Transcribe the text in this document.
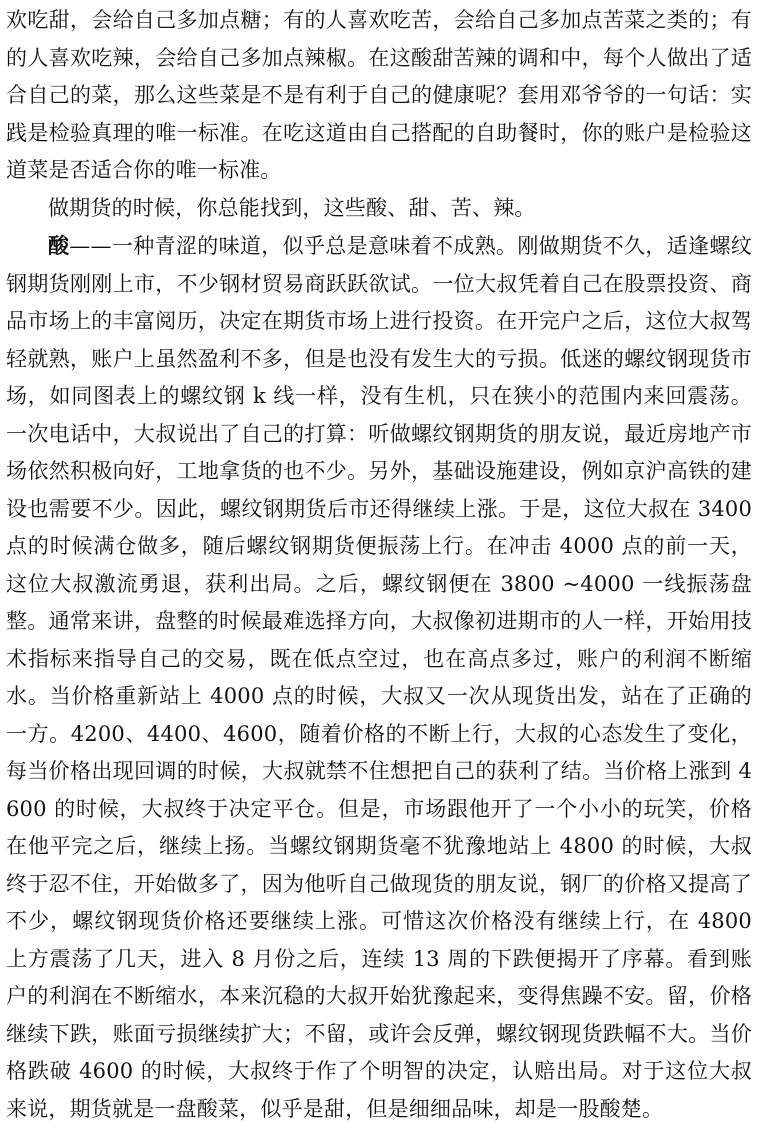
欢吃甜，会给自己多加点糖；有的人喜欢吃苦，会给自己多加点苦菜之类的；有的人喜欢吃辣，会给自己多加点辣椒。在这酸甜苦辣的调和中，每个人做出了适合自己的菜，那么这些菜是不是有利于自己的健康呢？套用邓爷爷的一句话：实践是检验真理的唯一标准。在吃这道由自己搭配的自助餐时，你的账户是检验这道菜是否适合你的唯一标准。

做期货的时候，你总能找到，这些酸、甜、苦、辣。

酸——一种青涩的味道，似乎总是意味着不成熟。刚做期货不久，适逢螺纹钢期货刚刚上市，不少钢材贸易商跃跃欲试。一位大叔凭着自己在股票投资、商品市场上的丰富阅历，决定在期货市场上进行投资。在开完户之后，这位大叔驾轻就熟，账户上虽然盈利不多，但是也没有发生大的亏损。低迷的螺纹钢现货市场，如同图表上的螺纹钢 k 线一样，没有生机，只在狭小的范围内来回震荡。一次电话中，大叔说出了自己的打算：听做螺纹钢期货的朋友说，最近房地产市场依然积极向好，工地拿货的也不少。另外，基础设施建设，例如京沪高铁的建设也需要不少。因此，螺纹钢期货后市还得继续上涨。于是，这位大叔在 3400 点的时候满仓做多，随后螺纹钢期货便振荡上行。在冲击 4000 点的前一天，这位大叔激流勇退，获利出局。之后，螺纹钢便在 3800 ~4000 一线振荡盘整。通常来讲，盘整的时候最难选择方向，大叔像初进期市的人一样，开始用技术指标来指导自己的交易，既在低点空过，也在高点多过，账户的利润不断缩水。当价格重新站上 4000 点的时候，大叔又一次从现货出发，站在了正确的一方。4200、4400、4600，随着价格的不断上行，大叔的心态发生了变化，每当价格出现回调的时候，大叔就禁不住想把自己的获利了结。当价格上涨到 4600 的时候，大叔终于决定平仓。但是，市场跟他开了一个小小的玩笑，价格在他平完之后，继续上扬。当螺纹钢期货毫不犹豫地站上 4800 的时候，大叔终于忍不住，开始做多了，因为他听自己做现货的朋友说，钢厂的价格又提高了不少，螺纹钢现货价格还要继续上涨。可惜这次价格没有继续上行，在 4800 上方震荡了几天，进入 8 月份之后，连续 13 周的下跌便揭开了序幕。看到账户的利润在不断缩水，本来沉稳的大叔开始犹豫起来，变得焦躁不安。留，价格继续下跌，账面亏损继续扩大；不留，或许会反弹，螺纹钢现货跌幅不大。当价格跌破 4600 的时候，大叔终于作了个明智的决定，认赔出局。对于这位大叔来说，期货就是一盘酸菜，似乎是甜，但是细细品味，却是一股酸楚。
